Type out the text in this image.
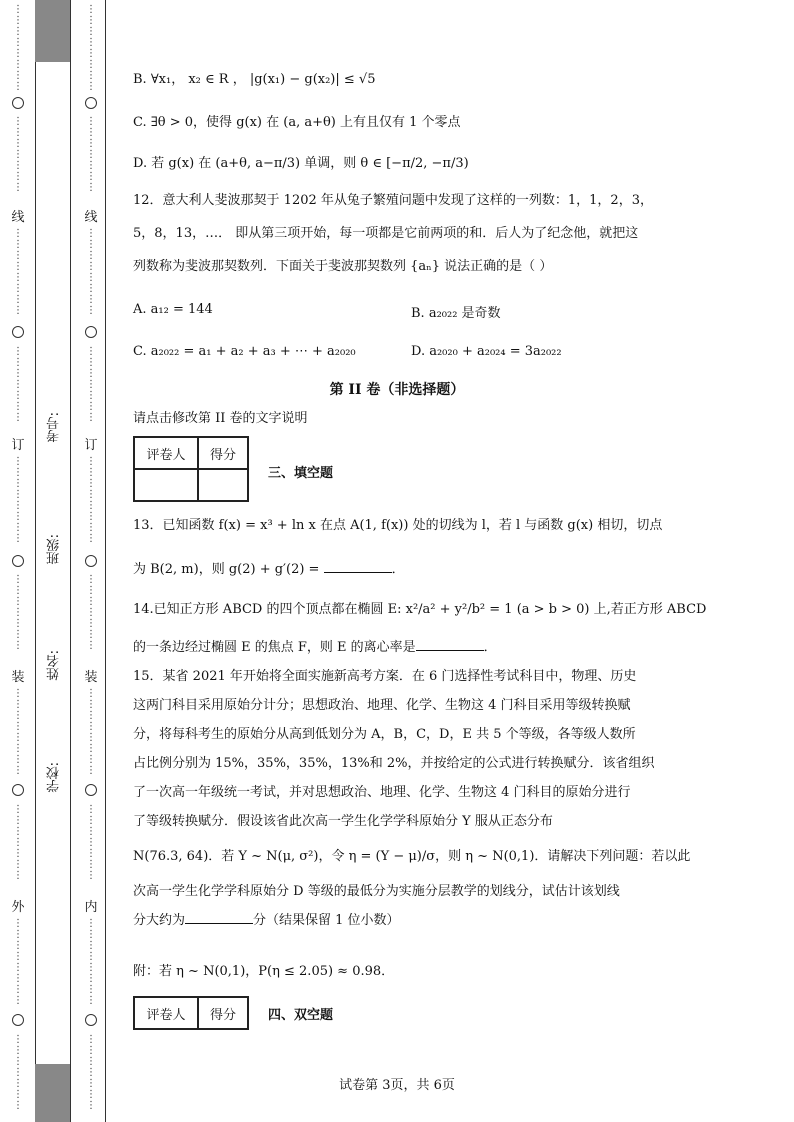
⋮
⋮
⋮
⋮
⋮
⋮
⋮
⋮
⋮
⋮
⋮
⋮
⋮
⋮
⋮
线
⋮
⋮
⋮
⋮
⋮
⋮
⋮
⋮
⋮
⋮
⋮
⋮
⋮
⋮
⋮
订
⋮
⋮
⋮
⋮
⋮
⋮
⋮
⋮
⋮
⋮
⋮
⋮
⋮
⋮
⋮
装
⋮
⋮
⋮
⋮
⋮
⋮
⋮
⋮
⋮
⋮
⋮
⋮
⋮
⋮
⋮
外
⋮
⋮
⋮
⋮
⋮
⋮
⋮
⋮
⋮
⋮
⋮
⋮
⋮
⋮
⋮
考号:
班级:
姓名:
学校:
⋮
⋮
⋮
⋮
⋮
⋮
⋮
⋮
⋮
⋮
⋮
⋮
⋮
⋮
⋮
线
⋮
⋮
⋮
⋮
⋮
⋮
⋮
⋮
⋮
⋮
⋮
⋮
⋮
⋮
⋮
订
⋮
⋮
⋮
⋮
⋮
⋮
⋮
⋮
⋮
⋮
⋮
⋮
⋮
⋮
⋮
装
⋮
⋮
⋮
⋮
⋮
⋮
⋮
⋮
⋮
⋮
⋮
⋮
⋮
⋮
⋮
内
⋮
⋮
⋮
⋮
⋮
⋮
⋮
⋮
⋮
⋮
⋮
⋮
⋮
⋮
⋮
B. ∀x₁， x₂ ∈ R ， |g(x₁) − g(x₂)| ≤ √5
C. ∃θ > 0，使得 g(x) 在 (a, a+θ) 上有且仅有 1 个零点
D. 若 g(x) 在 (a+θ, a−π/3) 单调，则 θ ∈ [−π/2, −π/3)
12．意大利人斐波那契于 1202 年从兔子繁殖问题中发现了这样的一列数：1，1，2，3，
5，8，13，…． 即从第三项开始，每一项都是它前两项的和．后人为了纪念他，就把这
列数称为斐波那契数列．下面关于斐波那契数列 {aₙ} 说法正确的是（ ）
A. a₁₂ = 144	B. a₂₀₂₂ 是奇数
C. a₂₀₂₂ = a₁ + a₂ + a₃ + ⋯ + a₂₀₂₀	D. a₂₀₂₀ + a₂₀₂₄ = 3a₂₀₂₂
第 II 卷（非选择题）
请点击修改第 II 卷的文字说明
评卷人	得分

三、填空题
13．已知函数 f(x) = x³ + ln x 在点 A(1, f(x)) 处的切线为 l，若 l 与函数 g(x) 相切，切点
为 B(2, m)，则 g(2) + g′(2) =	．
14.已知正方形 ABCD 的四个顶点都在椭圆 E: x²/a² + y²/b² = 1 (a > b > 0) 上,若正方形 ABCD
的一条边经过椭圆 E 的焦点 F，则 E 的离心率是	．
15．某省 2021 年开始将全面实施新高考方案．在 6 门选择性考试科目中，物理、历史
这两门科目采用原始分计分；思想政治、地理、化学、生物这 4 门科目采用等级转换赋
分，将每科考生的原始分从高到低划分为 A，B，C，D，E 共 5 个等级，各等级人数所
占比例分别为 15%，35%，35%，13%和 2%，并按给定的公式进行转换赋分．该省组织
了一次高一年级统一考试，并对思想政治、地理、化学、生物这 4 门科目的原始分进行
了等级转换赋分．假设该省此次高一学生化学学科原始分 Y 服从正态分布
N(76.3, 64)．若 Y ~ N(μ, σ²)，令 η = (Y − μ)/σ，则 η ~ N(0,1)．请解决下列问题：若以此
次高一学生化学学科原始分 D 等级的最低分为实施分层教学的划线分，试估计该划线
分大约为	分（结果保留 1 位小数）
附：若 η ~ N(0,1)，P(η ≤ 2.05) ≈ 0.98．
评卷人	得分 四、双空题
试卷第 3页，共 6页
